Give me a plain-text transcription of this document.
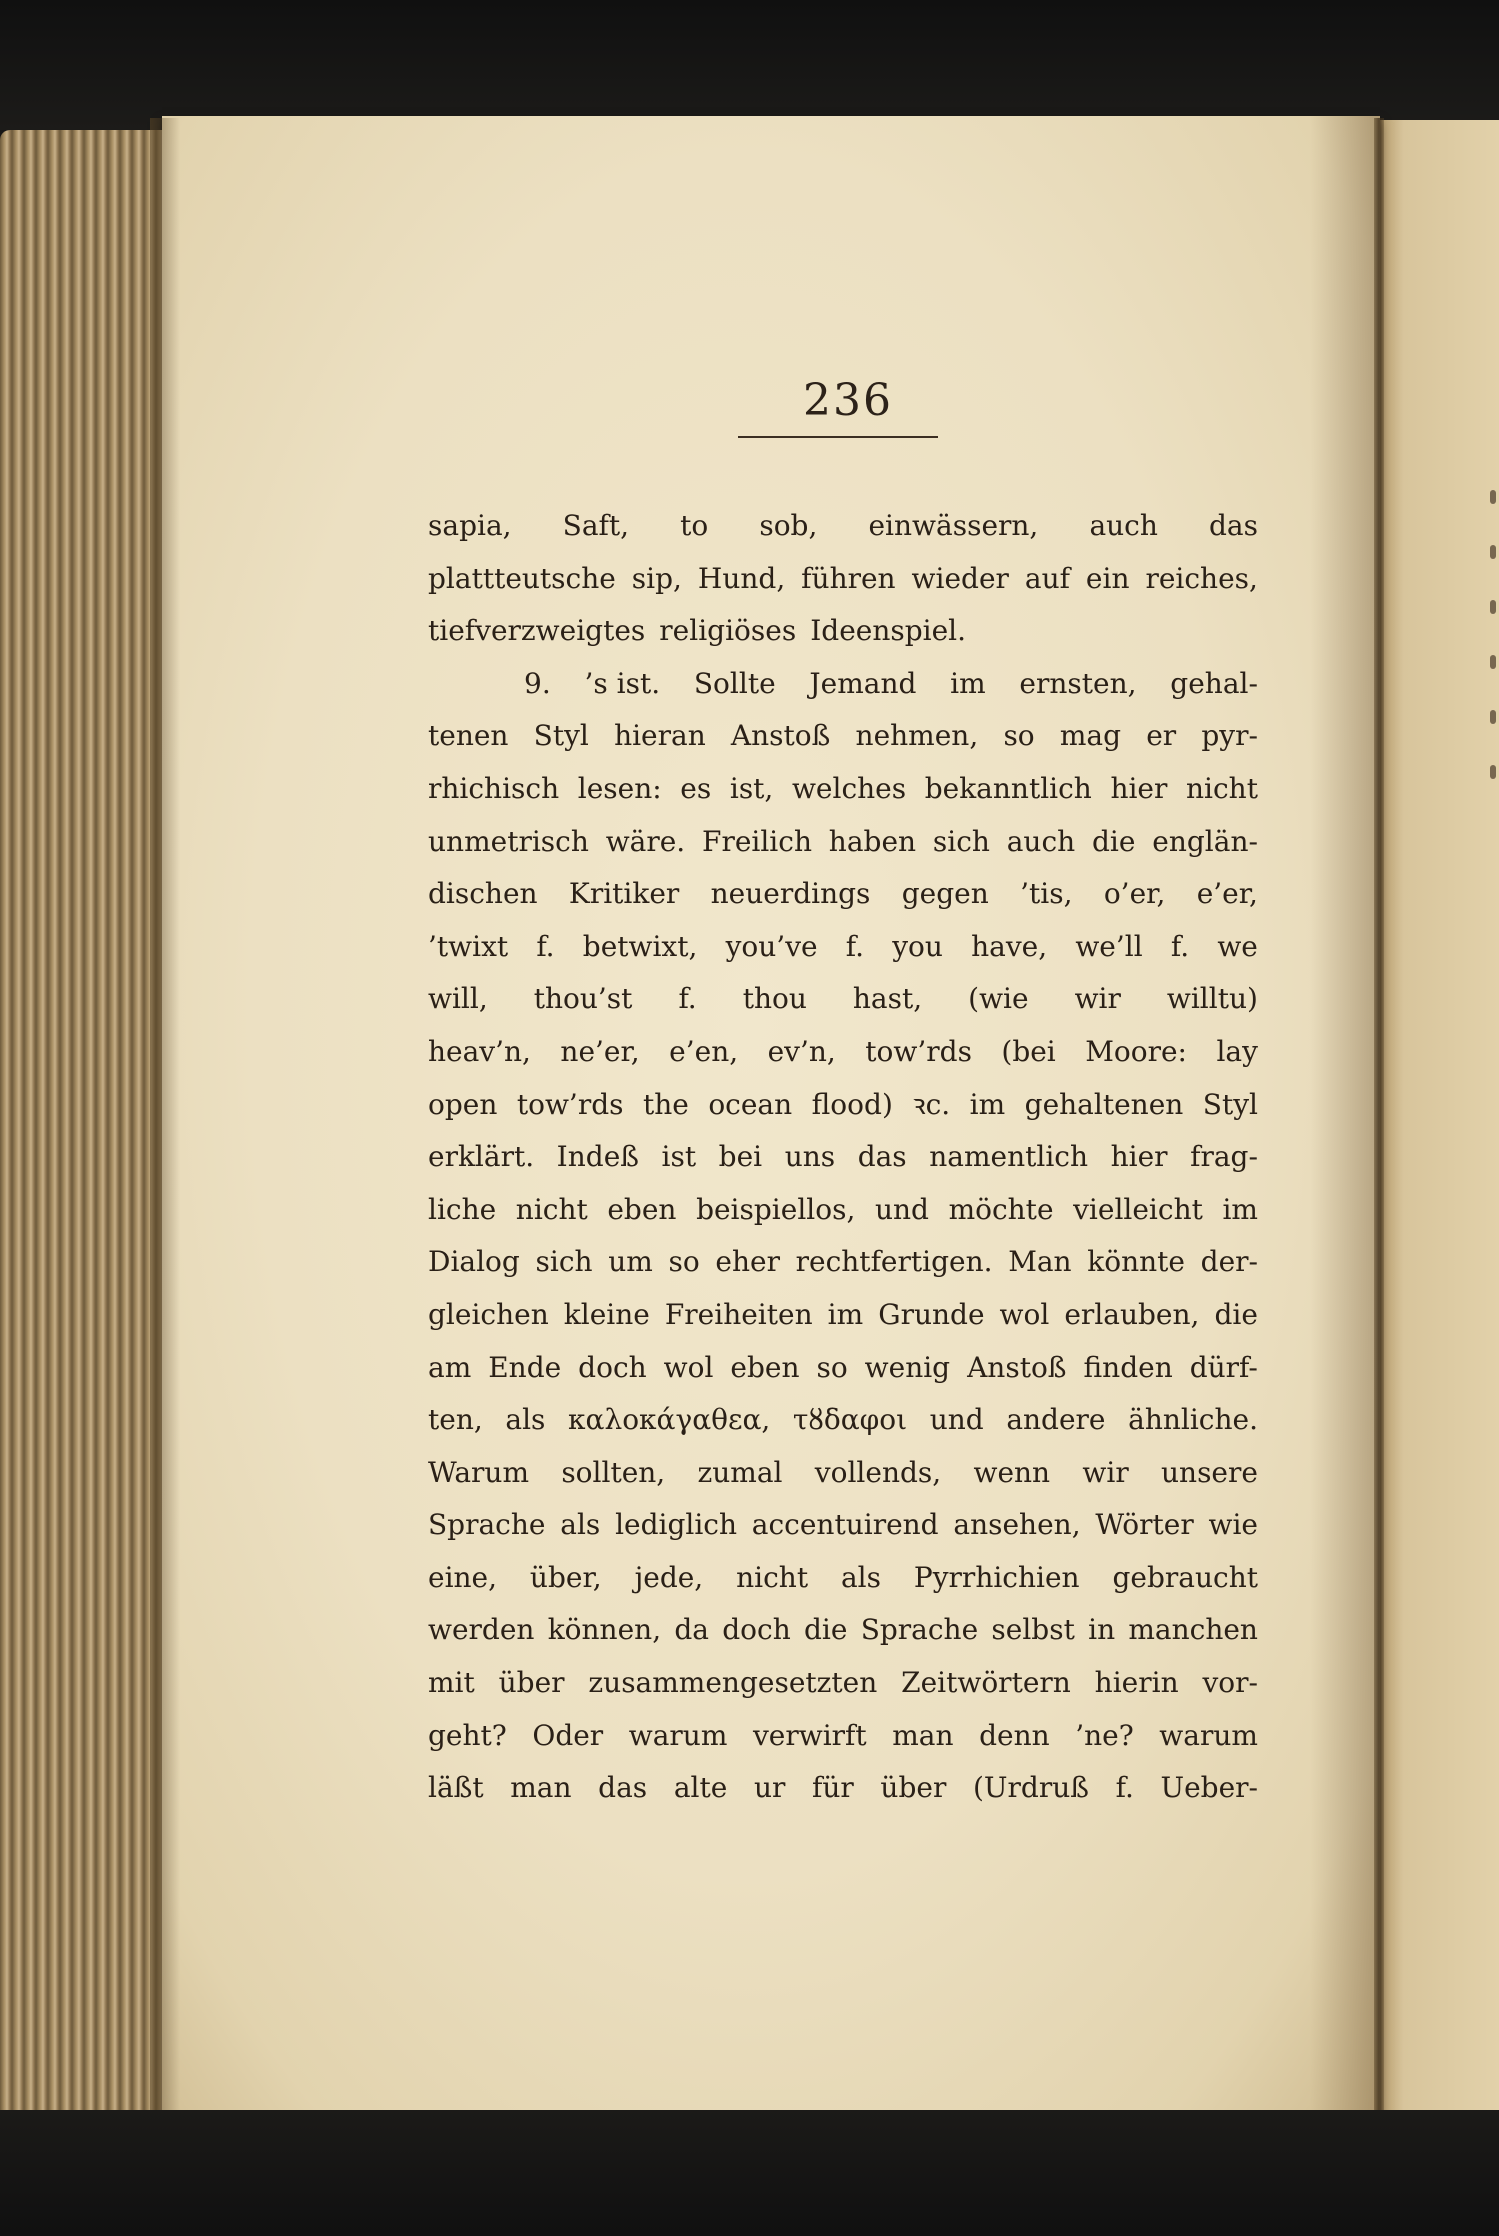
236
sapia, Saft, to sob, einwässern, auch das
plattteutsche sip, Hund, führen wieder auf ein reiches,
tiefverzweigtes religiöses Ideenspiel.
9. ’s ist. Sollte Jemand im ernsten, gehal-
tenen Styl hieran Anstoß nehmen, so mag er pyr-
rhichisch lesen: es ist, welches bekanntlich hier nicht
unmetrisch wäre. Freilich haben sich auch die englän-
dischen Kritiker neuerdings gegen ’tis, o’er, e’er,
’twixt f. betwixt, you’ve f. you have, we’ll f. we
will, thou’st f. thou hast, (wie wir willtu)
heav’n, ne’er, e’en, ev’n, tow’rds (bei Moore: lay
open tow’rds the ocean flood) ꝛc. im gehaltenen Styl
erklärt. Indeß ist bei uns das namentlich hier frag-
liche nicht eben beispiellos, und möchte vielleicht im
Dialog sich um so eher rechtfertigen. Man könnte der-
gleichen kleine Freiheiten im Grunde wol erlauben, die
am Ende doch wol eben so wenig Anstoß finden dürf-
ten, als καλοκάγαθεα, τȣδαφοι und andere ähnliche.
Warum sollten, zumal vollends, wenn wir unsere
Sprache als lediglich accentuirend ansehen, Wörter wie
eine, über, jede, nicht als Pyrrhichien gebraucht
werden können, da doch die Sprache selbst in manchen
mit über zusammengesetzten Zeitwörtern hierin vor-
geht? Oder warum verwirft man denn ’ne? warum
läßt man das alte ur für über (Urdruß f. Ueber-
